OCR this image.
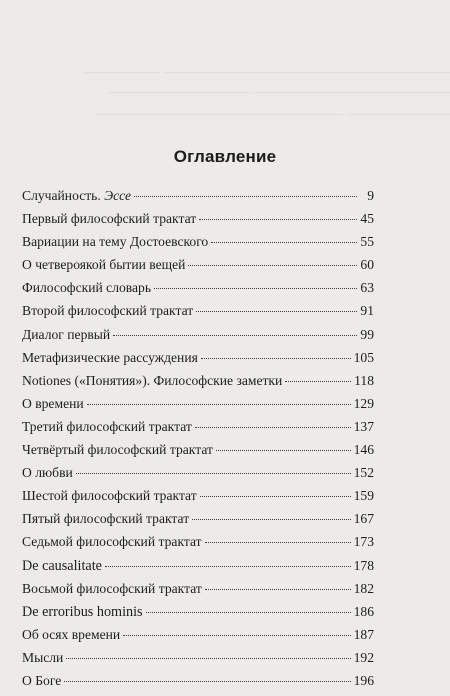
—————————————————————— ——————
——————————————— ———————————
———————— ———————————————————
Оглавление
Случайность. Эссе	9
Первый философский трактат	45
Вариации на тему Достоевского	55
О четвероякой бытии вещей	60
Философский словарь	63
Второй философский трактат	91
Диалог первый	99
Метафизические рассуждения	105
Notiones («Понятия»). Философские заметки	118
О времени	129
Третий философский трактат	137
Четвёртый философский трактат	146
О любви	152
Шестой философский трактат	159
Пятый философский трактат	167
Седьмой философский трактат	173
De causalitate	178
Восьмой философский трактат	182
De erroribus hominis	186
Об осях времени	187
Мысли	192
О Боге	196
